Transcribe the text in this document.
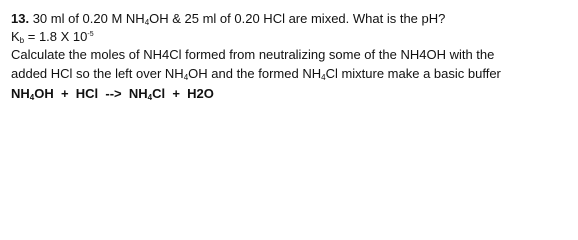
13. 30 ml of 0.20 M $NH_4OH$ & 25 ml of 0.20 HCl are mixed. What is the pH?
$K_b = 1.8$ X $10^{-5}$
Calculate the moles of NH4Cl formed from neutralizing some of the NH4OH with the
added HCl so the left over $NH_4OH$ and the formed $NH_4Cl$ mixture make a basic buffer
$NH_4OH$  +  HCl  -->  $NH_4Cl + H2O$
